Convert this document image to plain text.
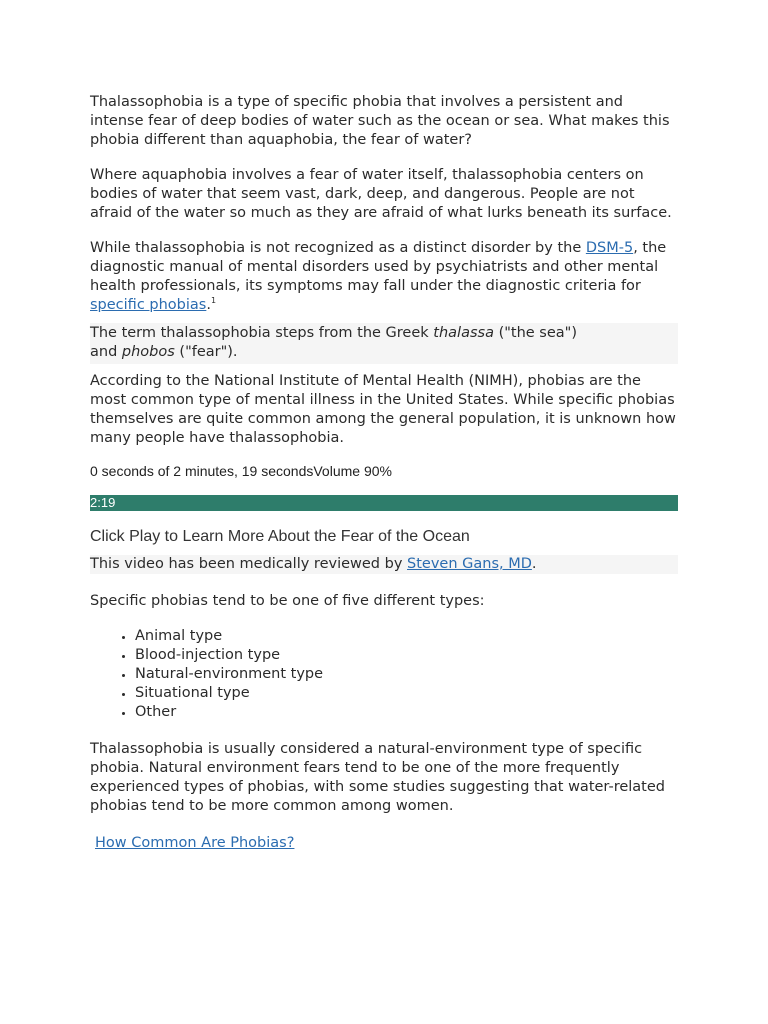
Thalassophobia is a type of specific phobia that involves a persistent and intense fear of deep bodies of water such as the ocean or sea. What makes this phobia different than aquaphobia, the fear of water?

Where aquaphobia involves a fear of water itself, thalassophobia centers on bodies of water that seem vast, dark, deep, and dangerous. People are not afraid of the water so much as they are afraid of what lurks beneath its surface.

While thalassophobia is not recognized as a distinct disorder by the DSM-5, the diagnostic manual of mental disorders used by psychiatrists and other mental health professionals, its symptoms may fall under the diagnostic criteria for specific phobias.$^1$

The term thalassophobia steps from the Greek thalassa ("the sea")

and phobos ("fear").

According to the National Institute of Mental Health (NIMH), phobias are the most common type of mental illness in the United States. While specific phobias themselves are quite common among the general population, it is unknown how many people have thalassophobia.

0 seconds of 2 minutes, 19 secondsVolume 90%
2:19
Click Play to Learn More About the Fear of the Ocean
This video has been medically reviewed by Steven Gans, MD.

Specific phobias tend to be one of five different types:

• Animal type
• Blood-injection type
• Natural-environment type
• Situational type
• Other

Thalassophobia is usually considered a natural-environment type of specific phobia. Natural environment fears tend to be one of the more frequently experienced types of phobias, with some studies suggesting that water-related phobias tend to be more common among women.

How Common Are Phobias?
